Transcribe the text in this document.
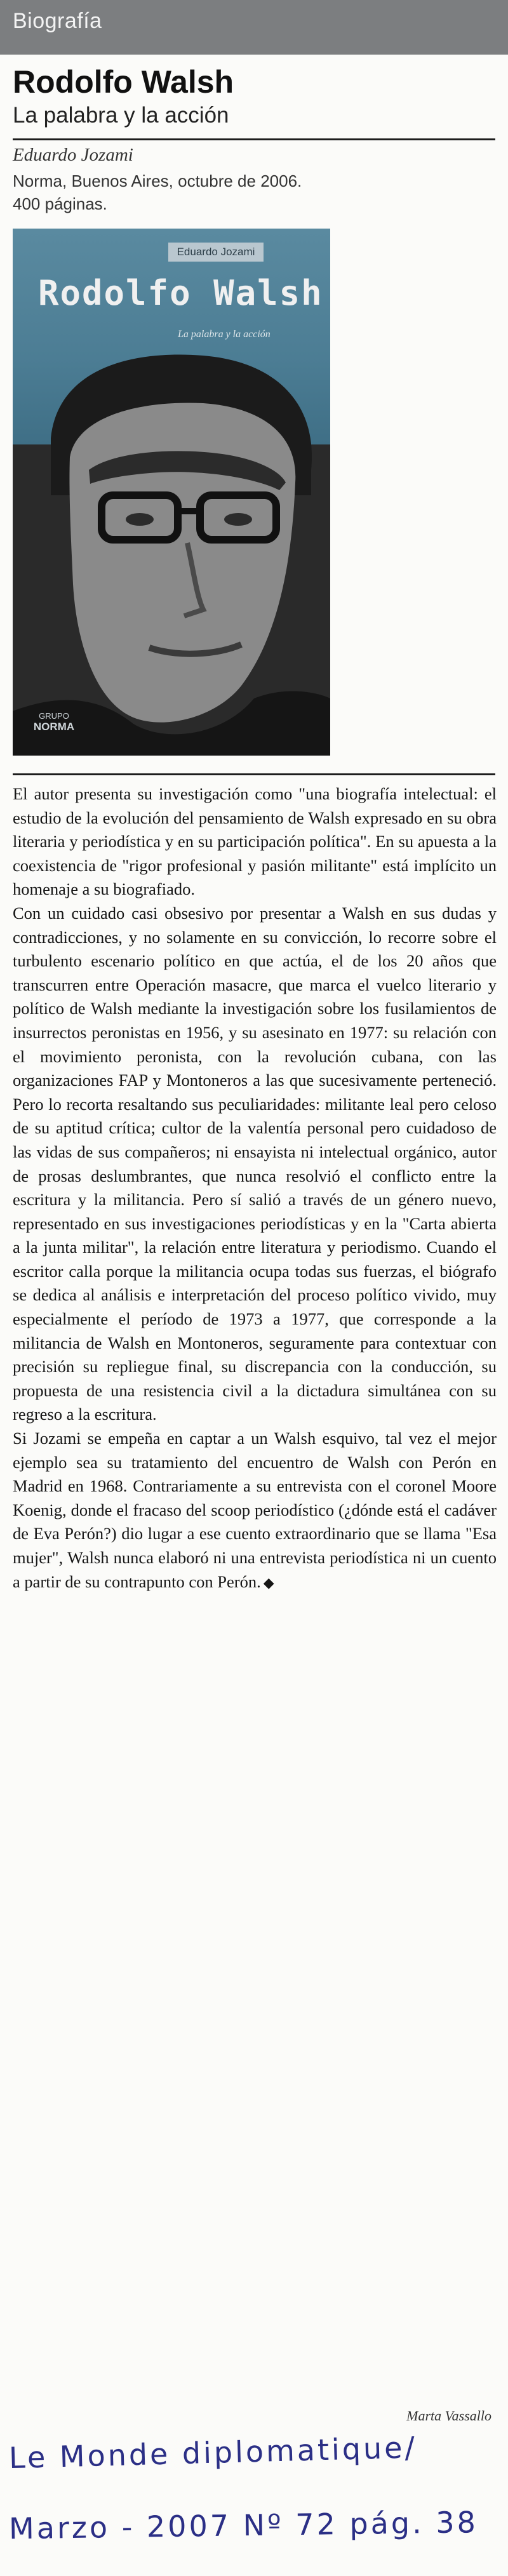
Biografía
Rodolfo Walsh
La palabra y la acción
Eduardo Jozami
Norma, Buenos Aires, octubre de 2006.
400 páginas.
Eduardo Jozami
Rodolfo Walsh
La palabra y la acción
GRUPO
NORMA

El autor presenta su investigación como "una biografía intelectual: el estudio de la evolución del pensamiento de Walsh expresado en su obra literaria y periodística y en su participación política". En su apuesta a la coexistencia de "rigor profesional y pasión militante" está implícito un homenaje a su biografiado.

Con un cuidado casi obsesivo por presentar a Walsh en sus dudas y contradicciones, y no solamente en su convicción, lo recorre sobre el turbulento escenario político en que actúa, el de los 20 años que transcurren entre Operación masacre, que marca el vuelco literario y político de Walsh mediante la investigación sobre los fusilamientos de insurrectos peronistas en 1956, y su asesinato en 1977: su relación con el movimiento peronista, con la revolución cubana, con las organizaciones FAP y Montoneros a las que sucesivamente perteneció. Pero lo recorta resaltando sus peculiaridades: militante leal pero celoso de su aptitud crítica; cultor de la valentía personal pero cuidadoso de las vidas de sus compañeros; ni ensayista ni intelectual orgánico, autor de prosas deslumbrantes, que nunca resolvió el conflicto entre la escritura y la militancia. Pero sí salió a través de un género nuevo, representado en sus investigaciones periodísticas y en la "Carta abierta a la junta militar", la relación entre literatura y periodismo. Cuando el escritor calla porque la militancia ocupa todas sus fuerzas, el biógrafo se dedica al análisis e interpretación del proceso político vivido, muy especialmente el período de 1973 a 1977, que corresponde a la militancia de Walsh en Montoneros, seguramente para contextuar con precisión su repliegue final, su discrepancia con la conducción, su propuesta de una resistencia civil a la dictadura simultánea con su regreso a la escritura.

Si Jozami se empeña en captar a un Walsh esquivo, tal vez el mejor ejemplo sea su tratamiento del encuentro de Walsh con Perón en Madrid en 1968. Contrariamente a su entrevista con el coronel Moore Koenig, donde el fracaso del scoop periodístico (¿dónde está el cadáver de Eva Perón?) dio lugar a ese cuento extraordinario que se llama "Esa mujer", Walsh nunca elaboró ni una entrevista periodística ni un cuento a partir de su contrapunto con Perón. ◆

Marta Vassallo
Le Monde diplomatique/
Marzo - 2007 Nº 72 pág. 38
